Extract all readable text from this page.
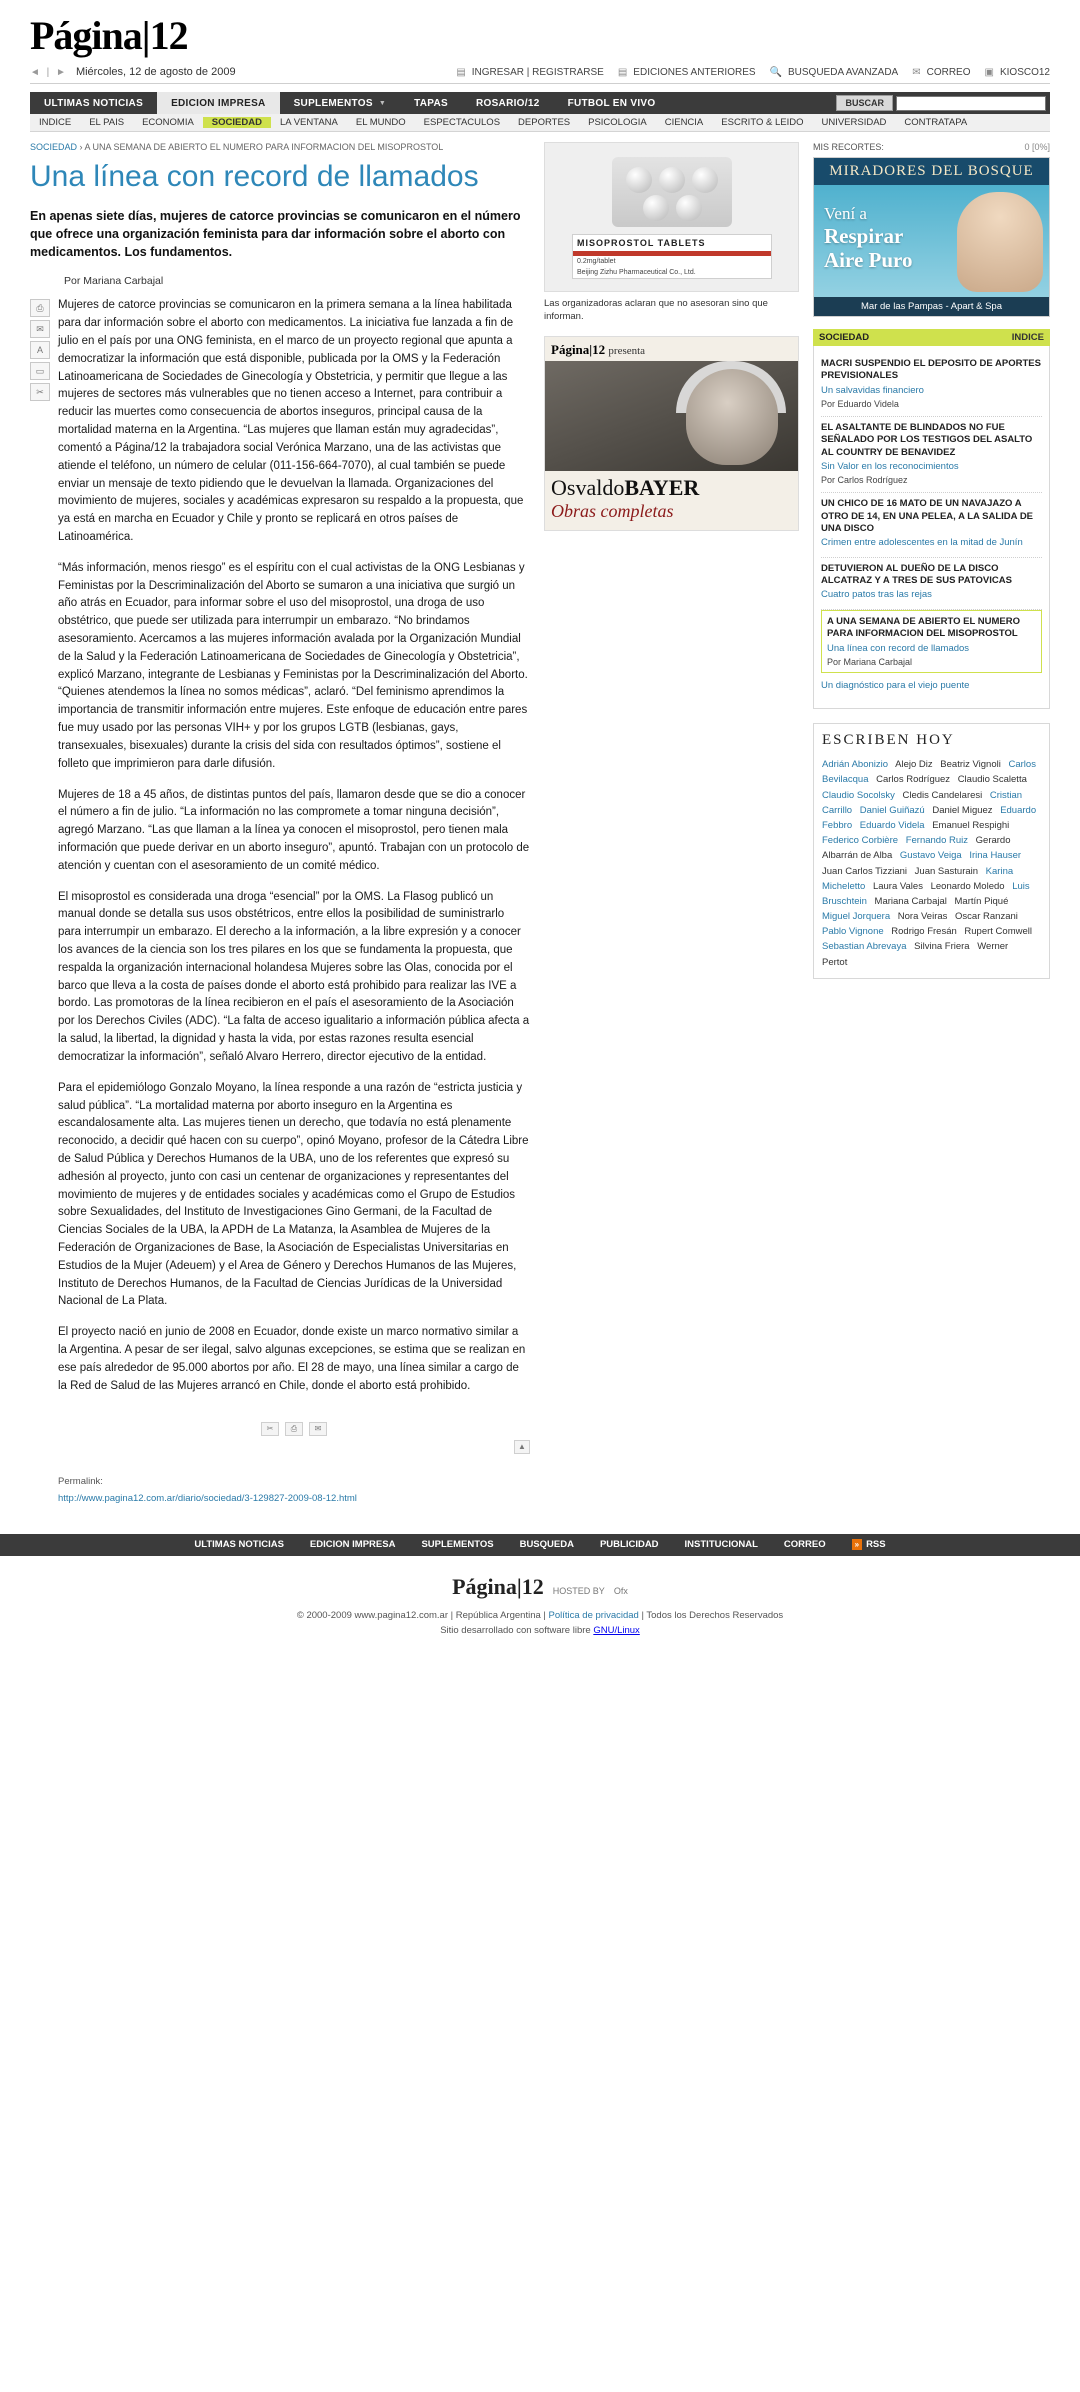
Página|12
◄ | ► Miércoles, 12 de agosto de 2009	▤ INGRESAR | REGISTRARSE ▤ EDICIONES ANTERIORES 🔍 BUSQUEDA AVANZADA ✉ CORREO ▣ KIOSCO12
ULTIMAS NOTICIAS	EDICION IMPRESA	SUPLEMENTOS ▼	TAPAS	ROSARIO/12	FUTBOL EN VIVO	BUSCAR
INDICE	EL PAIS	ECONOMIA	SOCIEDAD	LA VENTANA	EL MUNDO	ESPECTACULOS	DEPORTES	PSICOLOGIA	CIENCIA	ESCRITO & LEIDO	UNIVERSIDAD	CONTRATAPA
SOCIEDAD › A UNA SEMANA DE ABIERTO EL NUMERO PARA INFORMACION DEL MISOPROSTOL
Una línea con record de llamados
En apenas siete días, mujeres de catorce provincias se comunicaron en el número que ofrece una organización feminista para dar información sobre el aborto con medicamentos. Los fundamentos.
Por Mariana Carbajal
⎙
✉
A
▭
✂

Mujeres de catorce provincias se comunicaron en la primera semana a la línea habilitada para dar información sobre el aborto con medicamentos. La iniciativa fue lanzada a fin de julio en el país por una ONG feminista, en el marco de un proyecto regional que apunta a democratizar la información que está disponible, publicada por la OMS y la Federación Latinoamericana de Sociedades de Ginecología y Obstetricia, y permitir que llegue a las mujeres de sectores más vulnerables que no tienen acceso a Internet, para contribuir a reducir las muertes como consecuencia de abortos inseguros, principal causa de la mortalidad materna en la Argentina. “Las mujeres que llaman están muy agradecidas”, comentó a Página/12 la trabajadora social Verónica Marzano, una de las activistas que atiende el teléfono, un número de celular (011-156-664-7070), al cual también se puede enviar un mensaje de texto pidiendo que le devuelvan la llamada. Organizaciones del movimiento de mujeres, sociales y académicas expresaron su respaldo a la propuesta, que ya está en marcha en Ecuador y Chile y pronto se replicará en otros países de Latinoamérica.

“Más información, menos riesgo” es el espíritu con el cual activistas de la ONG Lesbianas y Feministas por la Descriminalización del Aborto se sumaron a una iniciativa que surgió un año atrás en Ecuador, para informar sobre el uso del misoprostol, una droga de uso obstétrico, que puede ser utilizada para interrumpir un embarazo. “No brindamos asesoramiento. Acercamos a las mujeres información avalada por la Organización Mundial de la Salud y la Federación Latinoamericana de Sociedades de Ginecología y Obstetricia”, explicó Marzano, integrante de Lesbianas y Feministas por la Descriminalización del Aborto. “Quienes atendemos la línea no somos médicas”, aclaró. “Del feminismo aprendimos la importancia de transmitir información entre mujeres. Este enfoque de educación entre pares fue muy usado por las personas VIH+ y por los grupos LGTB (lesbianas, gays, transexuales, bisexuales) durante la crisis del sida con resultados óptimos”, sostiene el folleto que imprimieron para darle difusión.

Mujeres de 18 a 45 años, de distintas puntos del país, llamaron desde que se dio a conocer el número a fin de julio. “La información no las compromete a tomar ninguna decisión”, agregó Marzano. “Las que llaman a la línea ya conocen el misoprostol, pero tienen mala información que puede derivar en un aborto inseguro”, apuntó. Trabajan con un protocolo de atención y cuentan con el asesoramiento de un comité médico.

El misoprostol es considerada una droga “esencial” por la OMS. La Flasog publicó un manual donde se detalla sus usos obstétricos, entre ellos la posibilidad de suministrarlo para interrumpir un embarazo. El derecho a la información, a la libre expresión y a conocer los avances de la ciencia son los tres pilares en los que se fundamenta la propuesta, que respalda la organización internacional holandesa Mujeres sobre las Olas, conocida por el barco que lleva a la costa de países donde el aborto está prohibido para realizar las IVE a bordo. Las promotoras de la línea recibieron en el país el asesoramiento de la Asociación por los Derechos Civiles (ADC). “La falta de acceso igualitario a información pública afecta a la salud, la libertad, la dignidad y hasta la vida, por estas razones resulta esencial democratizar la información”, señaló Alvaro Herrero, director ejecutivo de la entidad.

Para el epidemiólogo Gonzalo Moyano, la línea responde a una razón de “estricta justicia y salud pública”. “La mortalidad materna por aborto inseguro en la Argentina es escandalosamente alta. Las mujeres tienen un derecho, que todavía no está plenamente reconocido, a decidir qué hacen con su cuerpo”, opinó Moyano, profesor de la Cátedra Libre de Salud Pública y Derechos Humanos de la UBA, uno de los referentes que expresó su adhesión al proyecto, junto con casi un centenar de organizaciones y representantes del movimiento de mujeres y de entidades sociales y académicas como el Grupo de Estudios sobre Sexualidades, del Instituto de Investigaciones Gino Germani, de la Facultad de Ciencias Sociales de la UBA, la APDH de La Matanza, la Asamblea de Mujeres de la Federación de Organizaciones de Base, la Asociación de Especialistas Universitarias en Estudios de la Mujer (Adeuem) y el Area de Género y Derechos Humanos de las Mujeres, Instituto de Derechos Humanos, de la Facultad de Ciencias Jurídicas de la Universidad Nacional de La Plata.

El proyecto nació en junio de 2008 en Ecuador, donde existe un marco normativo similar a la Argentina. A pesar de ser ilegal, salvo algunas excepciones, se estima que se realizan en ese país alrededor de 95.000 abortos por año. El 28 de mayo, una línea similar a cargo de la Red de Salud de las Mujeres arrancó en Chile, donde el aborto está prohibido.

✂	⎙	✉
▲
Permalink:
http://www.pagina12.com.ar/diario/sociedad/3-129827-2009-08-12.html
MISOPROSTOL TABLETS
0.2mg/tablet
Beijing Zizhu Pharmaceutical Co., Ltd.
Las organizadoras aclaran que no asesoran sino que informan.
Página|12 presenta
OsvaldoBAYER
Obras completas
MIS RECORTES:	0 [0%]
MIRADORES DEL BOSQUE
Vení a
Respirar
Aire Puro
Mar de las Pampas - Apart & Spa
SOCIEDAD	INDICE
MACRI SUSPENDIO EL DEPOSITO DE APORTES PREVISIONALES
Un salvavidas financiero
Por Eduardo Videla
EL ASALTANTE DE BLINDADOS NO FUE SEÑALADO POR LOS TESTIGOS DEL ASALTO AL COUNTRY DE BENAVIDEZ
Sin Valor en los reconocimientos
Por Carlos Rodríguez
UN CHICO DE 16 MATO DE UN NAVAJAZO A OTRO DE 14, EN UNA PELEA, A LA SALIDA DE UNA DISCO
Crimen entre adolescentes en la mitad de Junín
DETUVIERON AL DUEÑO DE LA DISCO ALCATRAZ Y A TRES DE SUS PATOVICAS
Cuatro patos tras las rejas
A UNA SEMANA DE ABIERTO EL NUMERO PARA INFORMACION DEL MISOPROSTOL
Una línea con record de llamados
Por Mariana Carbajal
Un diagnóstico para el viejo puente
ESCRIBEN HOY
Adrián Abonizio Alejo Diz Beatriz Vignoli Carlos Bevilacqua Carlos Rodríguez Claudio Scaletta Claudio Socolsky Cledis Candelaresi Cristian Carrillo Daniel Guiñazú Daniel Miguez Eduardo Febbro Eduardo Videla Emanuel Respighi Federico Corbière Fernando Ruiz Gerardo Albarrán de Alba Gustavo Veiga Irina Hauser Juan Carlos Tizziani Juan Sasturain Karina Micheletto Laura Vales Leonardo Moledo Luis Bruschtein Mariana Carbajal Martín Piqué Miguel Jorquera Nora Veiras Oscar Ranzani Pablo Vignone Rodrigo Fresán Rupert Comwell Sebastian Abrevaya Silvina Friera Werner Pertot
ULTIMAS NOTICIAS	EDICION IMPRESA	SUPLEMENTOS	BUSQUEDA	PUBLICIDAD	INSTITUCIONAL	CORREO	» RSS
Página|12 HOSTED BY Ofx
© 2000-2009 www.pagina12.com.ar | República Argentina | Política de privacidad | Todos los Derechos Reservados
Sitio desarrollado con software libre GNU/Linux
